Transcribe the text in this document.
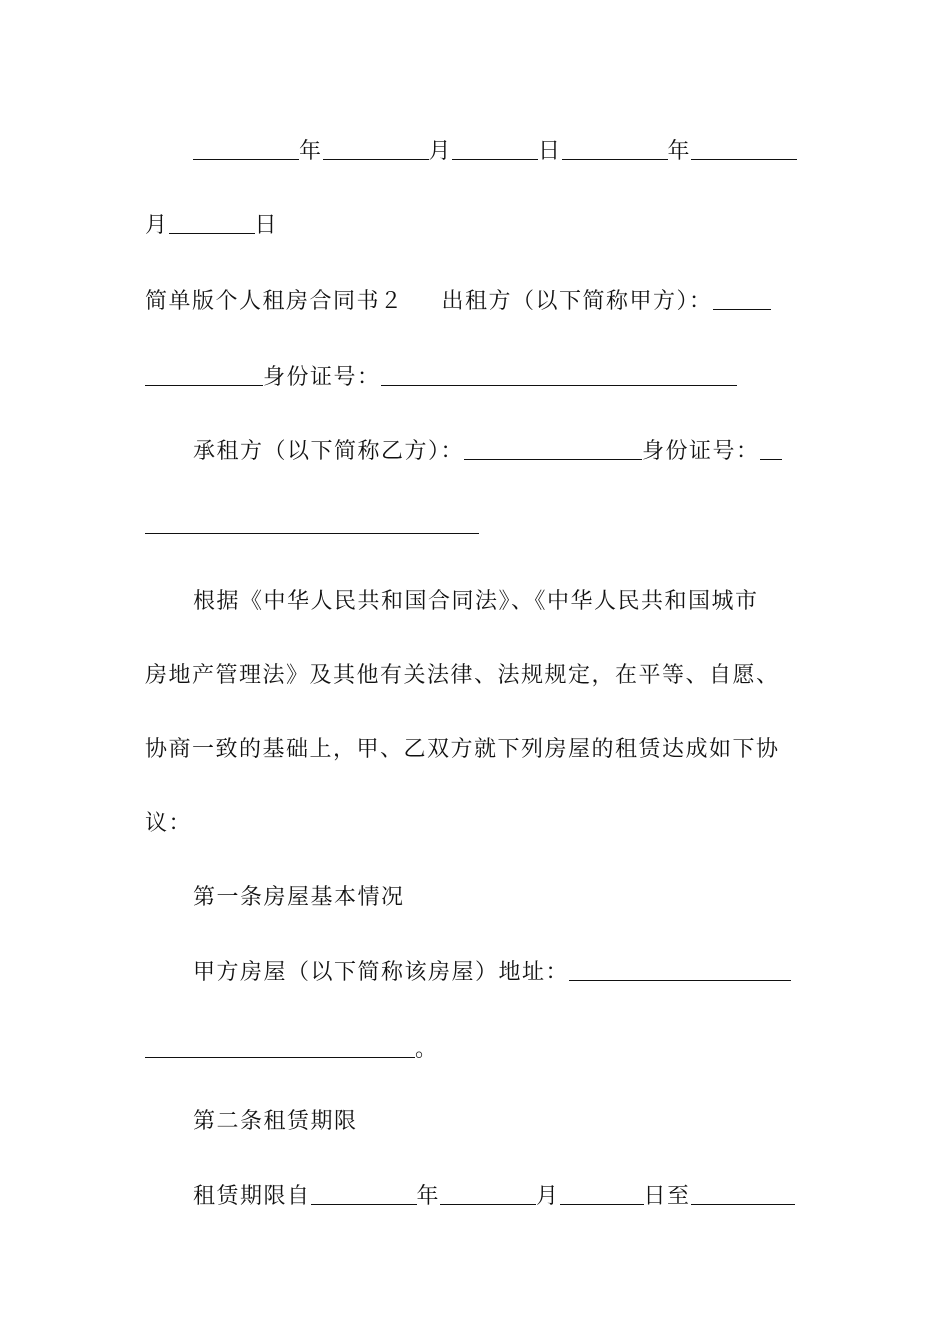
年	月	日	年
月	日
简单版个人租房合同书２ 出租方（以下简称甲方）：
身份证号：
承租方（以下简称乙方）：	身份证号：
根据《中华人民共和国合同法》、《中华人民共和国城市
房地产管理法》及其他有关法律、法规规定，在平等、自愿、
协商一致的基础上，甲、乙双方就下列房屋的租赁达成如下协
议：
第一条房屋基本情况
甲方房屋（以下简称该房屋）地址：
。
第二条租赁期限
租赁期限自	年	月	日至
